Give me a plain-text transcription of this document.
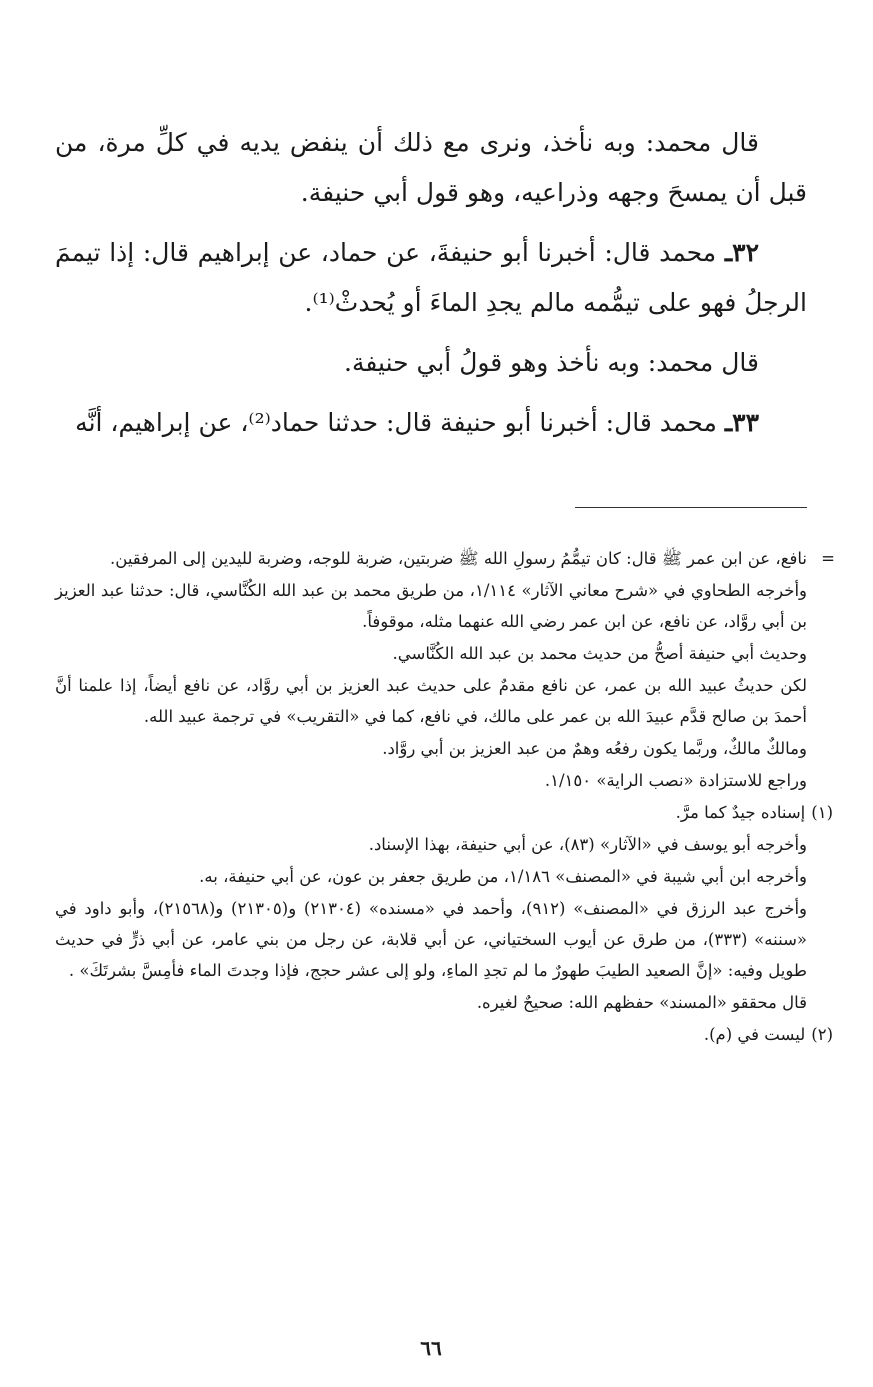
قال محمد: وبه نأخذ، ونرى مع ذلك أن ينفض يديه في كلِّ مرة، من قبل أن يمسحَ وجهه وذراعيه، وهو قول أبي حنيفة.

٣٢ـ محمد قال: أخبرنا أبو حنيفةَ، عن حماد، عن إبراهيم قال: إذا تيممَ الرجلُ فهو على تيمُّمه مالم يجدِ الماءَ أو يُحدثْ⁽¹⁾.

قال محمد: وبه نأخذ وهو قولُ أبي حنيفة.

٣٣ـ محمد قال: أخبرنا أبو حنيفة قال: حدثنا حماد⁽²⁾، عن إبراهيم، أنَّه

=
نافع، عن ابن عمر ﷺ قال: كان تيمُّمُ رسولِ الله ﷺ ضربتين، ضربة للوجه، وضربة لليدين إلى المرفقين.
وأخرجه الطحاوي في «شرح معاني الآثار» ١/١١٤، من طريق محمد بن عبد الله الكُنَّاسي، قال: حدثنا عبد العزيز بن أبي روَّاد، عن نافع، عن ابن عمر رضي الله عنهما مثله، موقوفاً.
وحديث أبي حنيفة أصحُّ من حديث محمد بن عبد الله الكُنَّاسي.
لكن حديثُ عبيد الله بن عمر، عن نافع مقدمٌ على حديث عبد العزيز بن أبي روَّاد، عن نافع أيضاً، إذا علمنا أنَّ أحمدَ بن صالح قدَّم عبيدَ الله بن عمر على مالك، في نافع، كما في «التقريب» في ترجمة عبيد الله.
ومالكٌ مالكٌ، وربَّما يكون رفعُه وهمٌ من عبد العزيز بن أبي روَّاد.
وراجع للاستزادة «نصب الراية» ١/١٥٠.
(١)إسناده جيدٌ كما مرَّ.
وأخرجه أبو يوسف في «الآثار» (٨٣)، عن أبي حنيفة، بهذا الإسناد.
وأخرجه ابن أبي شيبة في «المصنف» ١/١٨٦، من طريق جعفر بن عون، عن أبي حنيفة، به.
وأخرج عبد الرزق في «المصنف» (٩١٢)، وأحمد في «مسنده» (٢١٣٠٤) و(٢١٣٠٥) و(٢١٥٦٨)، وأبو داود في «سننه» (٣٣٣)، من طرق عن أيوب السختياني، عن أبي قلابة، عن رجل من بني عامر، عن أبي ذرٍّ في حديث طويل وفيه: «إنَّ الصعيد الطيبَ طهورٌ ما لم تجدِ الماءِ، ولو إلى عشر حجج، فإذا وجدتَ الماء فأمِسَّ بشرتَكَ» .
قال محققو «المسند» حفظهم الله: صحيحٌ لغيره.
(٢)ليست في (م).
٦٦
